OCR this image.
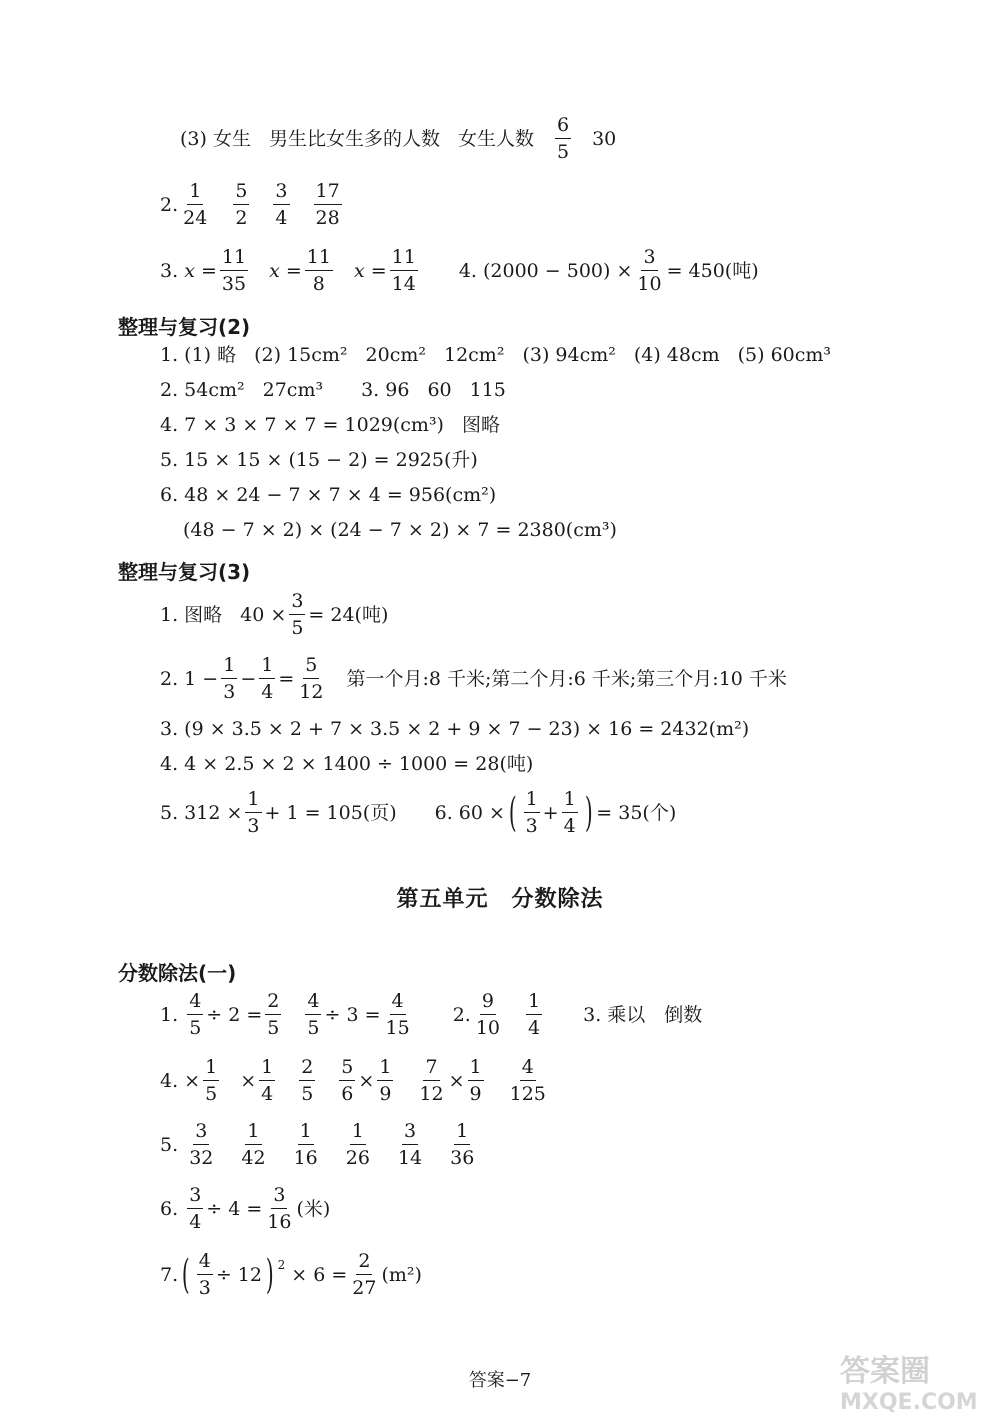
(3) 女生 男生比女生多的人数 女生人数 $\frac{6}{5} 30$
2. $\frac{1}{24} \frac{5}{2} \frac{3}{4} \frac{17}{28}$
3.
$x = \frac{11}{35}$ $x = \frac{11}{8}$ $x = \frac{11}{14} 4$. $(2000 - 500) \times \frac{3}{10} = 450$(吨)
整理与复习(2)
1. (1) 略 (2) 15cm² 20cm² 12cm² (3) 94cm² (4) 48cm (5) 60cm³
2. 54cm² 27cm³ 3. 96 60 115
4. 7 × 3 × 7 × 7 = 1029(cm³) 图略
5. 15 × 15 × (15 − 2) = 2925(升)
6. 48 × 24 − 7 × 7 × 4 = 956(cm²)
(48 − 7 × 2) × (24 − 7 × 2) × 7 = 2380(cm³)
整理与复习(3)
1. 图略 $40 \times \frac{3}{5} = 24$(吨)
2. $1 - \frac{1}{3} - \frac{1}{4} = \frac{5}{12}$ 第一个月:8 千米;第二个月:6 千米;第三个月:10 千米
3. (9 × 3.5 × 2 + 7 × 3.5 × 2 + 9 × 7 − 23) × 16 = 2432(m²)
4. 4 × 2.5 × 2 × 1400 ÷ 1000 = 28(吨)
5. $312 \times \frac{1}{3} + 1 = 105$(页) 6. 60 × ( $\frac{1}{3} + \frac{1}{4}$ ) = 35(个)
第五单元　分数除法
分数除法(一)
1.
$\frac{4}{5} \div 2 = \frac{2}{5} \frac{4}{5} \div 3 = \frac{4}{15} 2$. $\frac{9}{10} \frac{1}{4} 3$. 乘以　倒数
4. × $\frac{1}{5} \times \frac{1}{4} \frac{2}{5} \frac{5}{6} \times \frac{1}{9} \frac{7}{12} \times \frac{1}{9} \frac{4}{125}$
5.
$\frac{3}{32} \frac{1}{42} \frac{1}{16} \frac{1}{26} \frac{3}{14} \frac{1}{36}$
6.
$\frac{3}{4} \div 4 = \frac{3}{16}$ (米)
7. ( $\frac{4}{3} \div 12$ ) 2
× $6 = \frac{2}{27} (m^2)$
答案−7	答案圈
MXQE.COM
